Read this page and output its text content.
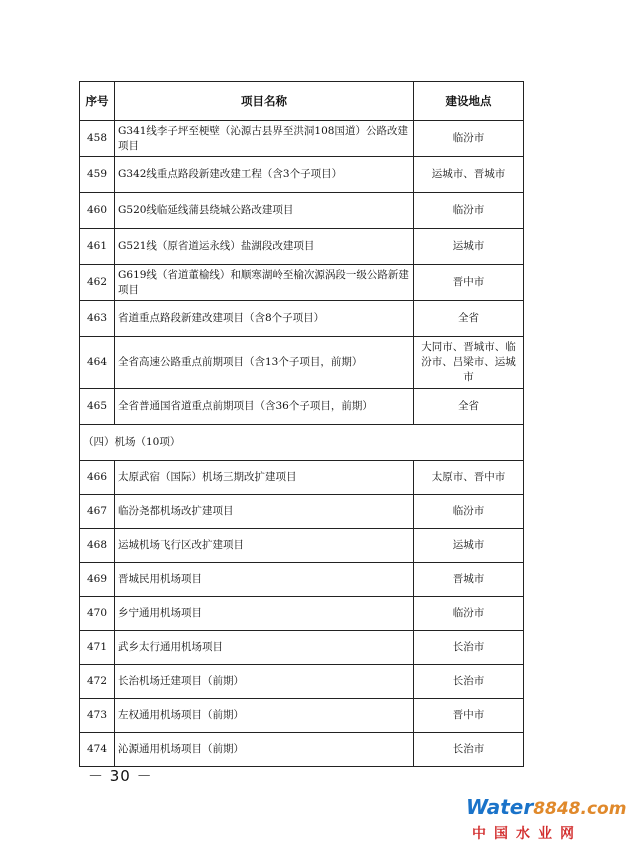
序号	项目名称	建设地点
458	G341线李子坪至梗壁（沁源古县界至洪洞108国道）公路改建项目	临汾市
459	G342线重点路段新建改建工程（含3个子项目）	运城市、晋城市
460	G520线临延线蒲县绕城公路改建项目	临汾市
461	G521线（原省道运永线）盐湖段改建项目	运城市
462	G619线（省道董榆线）和顺寒湖岭至榆次源涡段一级公路新建项目	晋中市
463	省道重点路段新建改建项目（含8个子项目）	全省
464	全省高速公路重点前期项目（含13个子项目，前期）	大同市、晋城市、临汾市、吕梁市、运城市
465	全省普通国省道重点前期项目（含36个子项目，前期）	全省
（四）机场（10项）		
466	太原武宿（国际）机场三期改扩建项目	太原市、晋中市
467	临汾尧都机场改扩建项目	临汾市
468	运城机场飞行区改扩建项目	运城市
469	晋城民用机场项目	晋城市
470	乡宁通用机场项目	临汾市
471	武乡太行通用机场项目	长治市
472	长治机场迁建项目（前期）	长治市
473	左权通用机场项目（前期）	晋中市
474	沁源通用机场项目（前期）	长治市
－ 30 －
Water8848.com
中国水业网
